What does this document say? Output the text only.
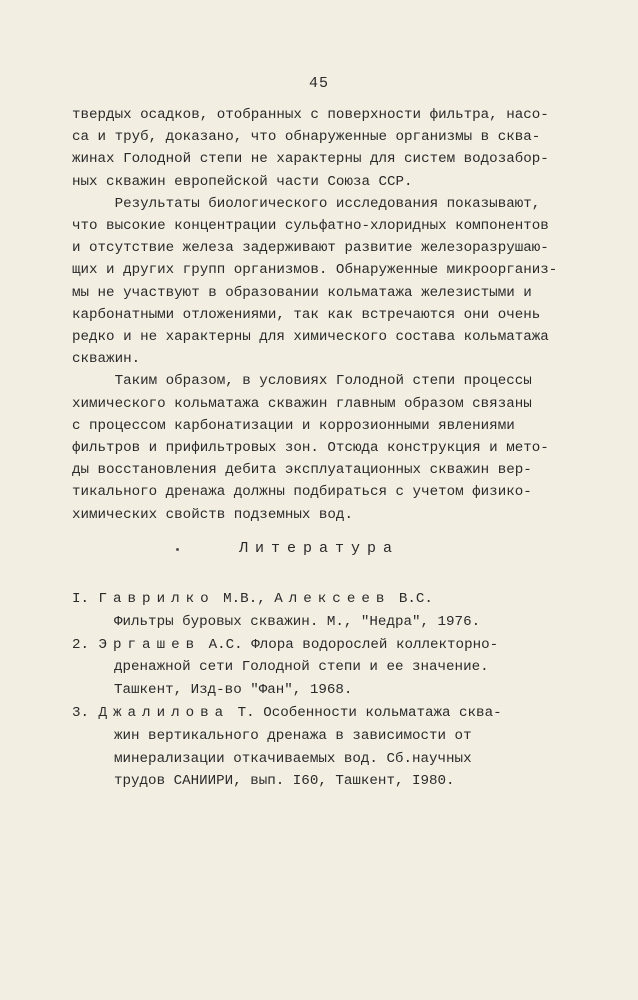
45
твердых осадков, отобранных с поверхности фильтра, насо-
са и труб, доказано, что обнаруженные организмы в сква-
жинах Голодной степи не характерны для систем водозабор-
ных скважин европейской части Союза ССР.
Результаты биологического исследования показывают,
что высокие концентрации сульфатно-хлоридных компонентов
и отсутствие железа задерживают развитие железоразрушаю-
щих и других групп организмов. Обнаруженные микроорганиз-
мы не участвуют в образовании кольматажа железистыми и
карбонатными отложениями, так как встречаются они очень
редко и не характерны для химического состава кольматажа
скважин.
Таким образом, в условиях Голодной степи процессы
химического кольматажа скважин главным образом связаны
с процессом карбонатизации и коррозионными явлениями
фильтров и прифильтровых зон. Отсюда конструкция и мето-
ды восстановления дебита эксплуатационных скважин вер-
тикального дренажа должны подбираться с учетом физико-
химических свойств подземных вод.
Литература
I. Гаврилко М.В., Алексеев В.С.
Фильтры буровых скважин. М., "Недра", 1976.
2. Эргашев А.С. Флора водорослей коллекторно-
дренажной сети Голодной степи и ее значение.
Ташкент, Изд-во "Фан", 1968.
3. Джалилова Т. Особенности кольматажа сква-
жин вертикального дренажа в зависимости от
минерализации откачиваемых вод. Сб.научных
трудов САНИИРИ, вып. I60, Ташкент, I980.
